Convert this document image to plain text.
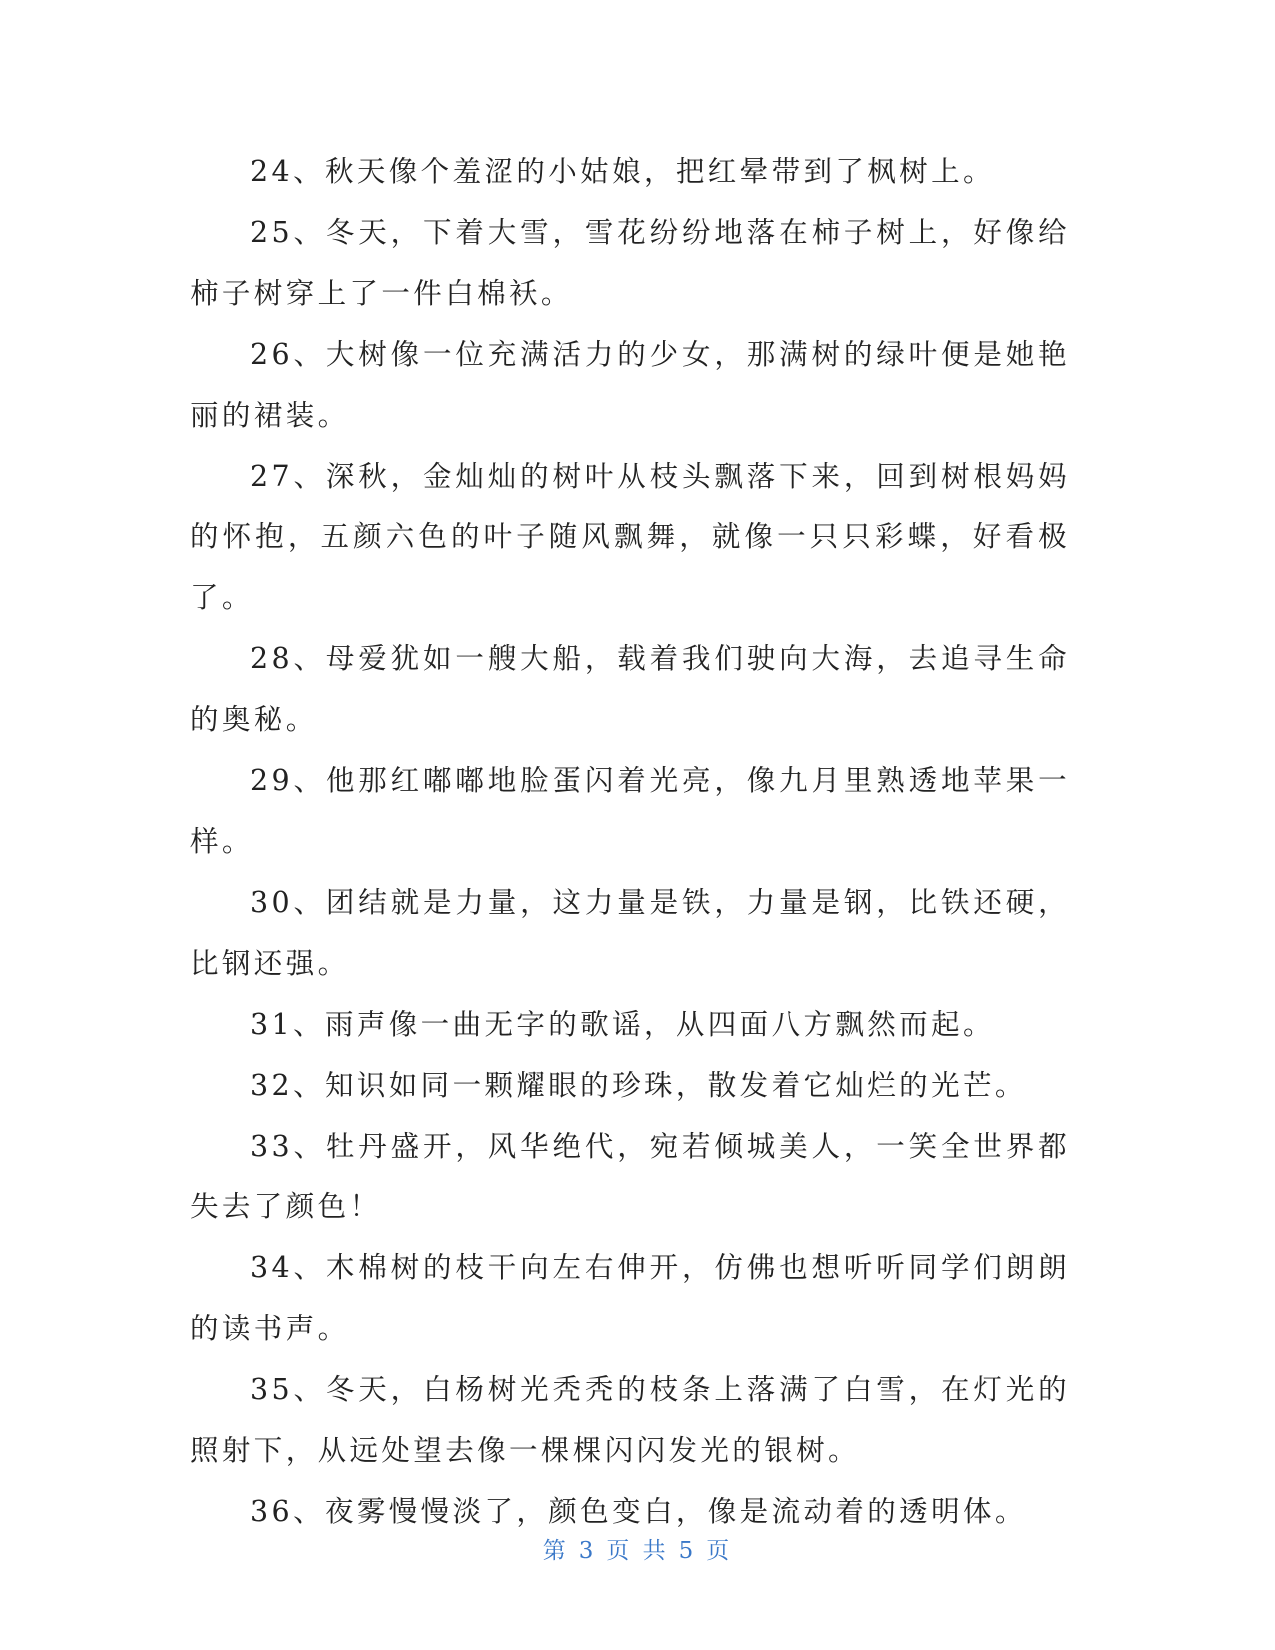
24、秋天像个羞涩的小姑娘，把红晕带到了枫树上。

25、冬天，下着大雪，雪花纷纷地落在柿子树上，好像给柿子树穿上了一件白棉袄。

26、大树像一位充满活力的少女，那满树的绿叶便是她艳丽的裙装。

27、深秋，金灿灿的树叶从枝头飘落下来，回到树根妈妈的怀抱，五颜六色的叶子随风飘舞，就像一只只彩蝶，好看极了。

28、母爱犹如一艘大船，载着我们驶向大海，去追寻生命的奥秘。

29、他那红嘟嘟地脸蛋闪着光亮，像九月里熟透地苹果一样。

30、团结就是力量，这力量是铁，力量是钢，比铁还硬，比钢还强。

31、雨声像一曲无字的歌谣，从四面八方飘然而起。

32、知识如同一颗耀眼的珍珠，散发着它灿烂的光芒。

33、牡丹盛开，风华绝代，宛若倾城美人，一笑全世界都失去了颜色！

34、木棉树的枝干向左右伸开，仿佛也想听听同学们朗朗的读书声。

35、冬天，白杨树光秃秃的枝条上落满了白雪，在灯光的照射下，从远处望去像一棵棵闪闪发光的银树。

36、夜雾慢慢淡了，颜色变白，像是流动着的透明体。

第 3 页 共 5 页
